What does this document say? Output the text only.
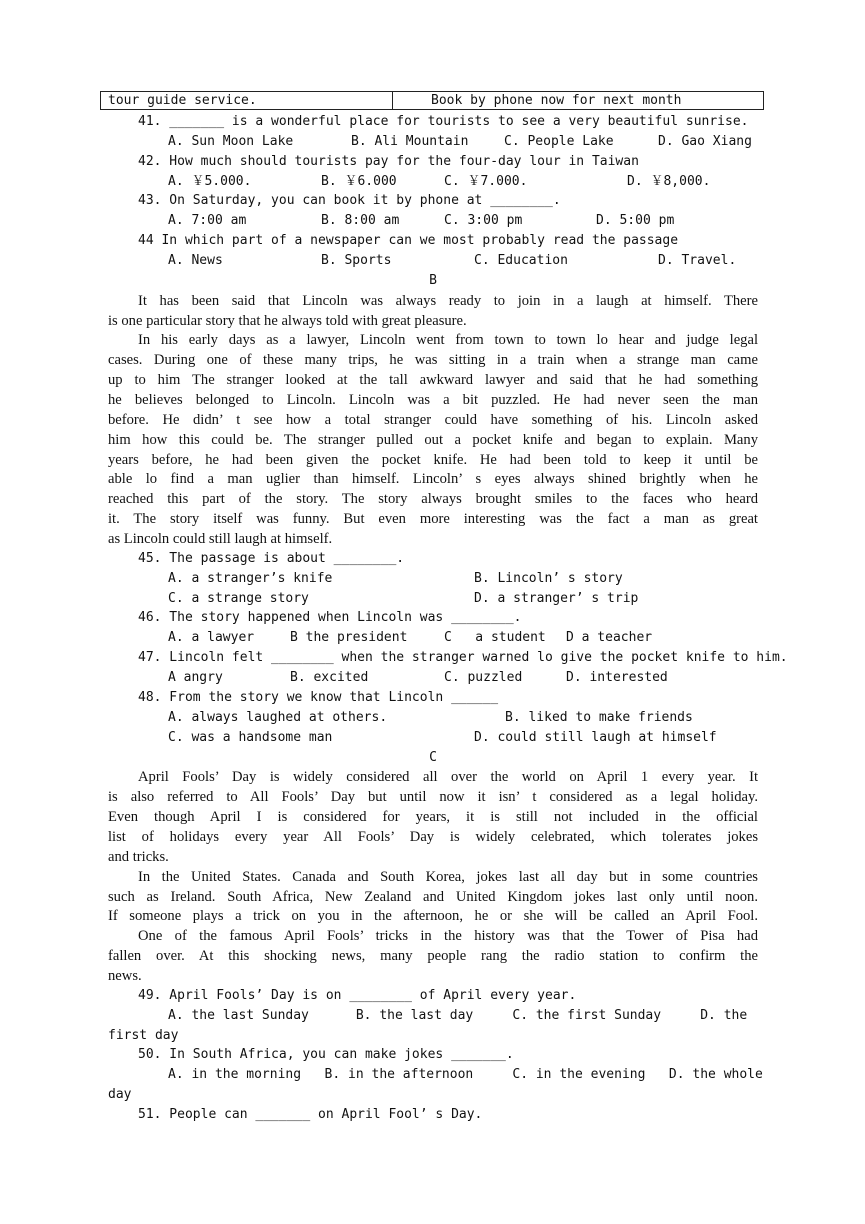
tour guide service.	Book by phone now for next month
41. _______ is a wonderful place for tourists to see a very beautiful sunrise.

A. Sun Moon Lake

	B. Ali Mountain

	C. People Lake

	D. Gao Xiang

42. How much should tourists pay for the four-day lour in Taiwan

A. ￥5.000.

	B. ￥6.000

	C. ￥7.000.

	D. ￥8,000.

43. On Saturday, you can book it by phone at ________.

A. 7:00 am

	B. 8:00 am

	C. 3:00 pm

	D. 5:00 pm

44 In which part of a newspaper can we most probably read the passage

A. News

	B. Sports

	C. Education

	D. Travel.

B
It has been said that Lincoln was always ready to join in a laugh at himself. There
is one particular story that he always told with great pleasure.
In his early days as a lawyer, Lincoln went from town to town lo hear and judge legal
cases. During one of these many trips, he was sitting in a train when a strange man came
up to him The stranger looked at the tall awkward lawyer and said that he had something
he believes belonged to Lincoln. Lincoln was a bit puzzled. He had never seen the man
before. He didn’ t see how a total stranger could have something of his. Lincoln asked
him how this could be. The stranger pulled out a pocket knife and began to explain. Many
years before, he had been given the pocket knife. He had been told to keep it until be
able lo find a man uglier than himself. Lincoln’ s eyes always shined brightly when he
reached this part of the story. The story always brought smiles to the faces who heard
it. The story itself was funny. But even more interesting was the fact a man as great
as Lincoln could still laugh at himself.
45. The passage is about ________.

A. a stranger’s knife

	B. Lincoln’ s story

C. a strange story

	D. a stranger’ s trip

46. The story happened when Lincoln was ________.

A. a lawyer

	B the president

	C   a student

D a teacher

47. Lincoln felt ________ when the stranger warned lo give the pocket knife to him.

A angry

	B. excited

	C. puzzled

	D. interested

48. From the story we know that Lincoln ______

A. always laughed at others.

	B. liked to make friends

C. was a handsome man

	D. could still laugh at himself

C
April Fools’ Day is widely considered all over the world on April 1 every year. It
is also referred to All Fools’ Day but until now it isn’ t considered as a legal holiday.
Even though April I is considered for years, it is still not included in the official
list of holidays every year All Fools’ Day is widely celebrated, which tolerates jokes
and tricks.
In the United States. Canada and South Korea, jokes last all day but in some countries
such as Ireland. South Africa, New Zealand and United Kingdom jokes last only until noon.
If someone plays a trick on you in the afternoon, he or she will be called an April Fool.
One of the famous April Fools’ tricks in the history was that the Tower of Pisa had
fallen over. At this shocking news, many people rang the radio station to confirm the
news.
49. April Fools’ Day is on ________ of April every year.
A. the last Sunday      B. the last day     C. the first Sunday     D. the
first day
50. In South Africa, you can make jokes _______.
A. in the morning   B. in the afternoon     C. in the evening   D. the whole
day
51. People can _______ on April Fool’ s Day.
